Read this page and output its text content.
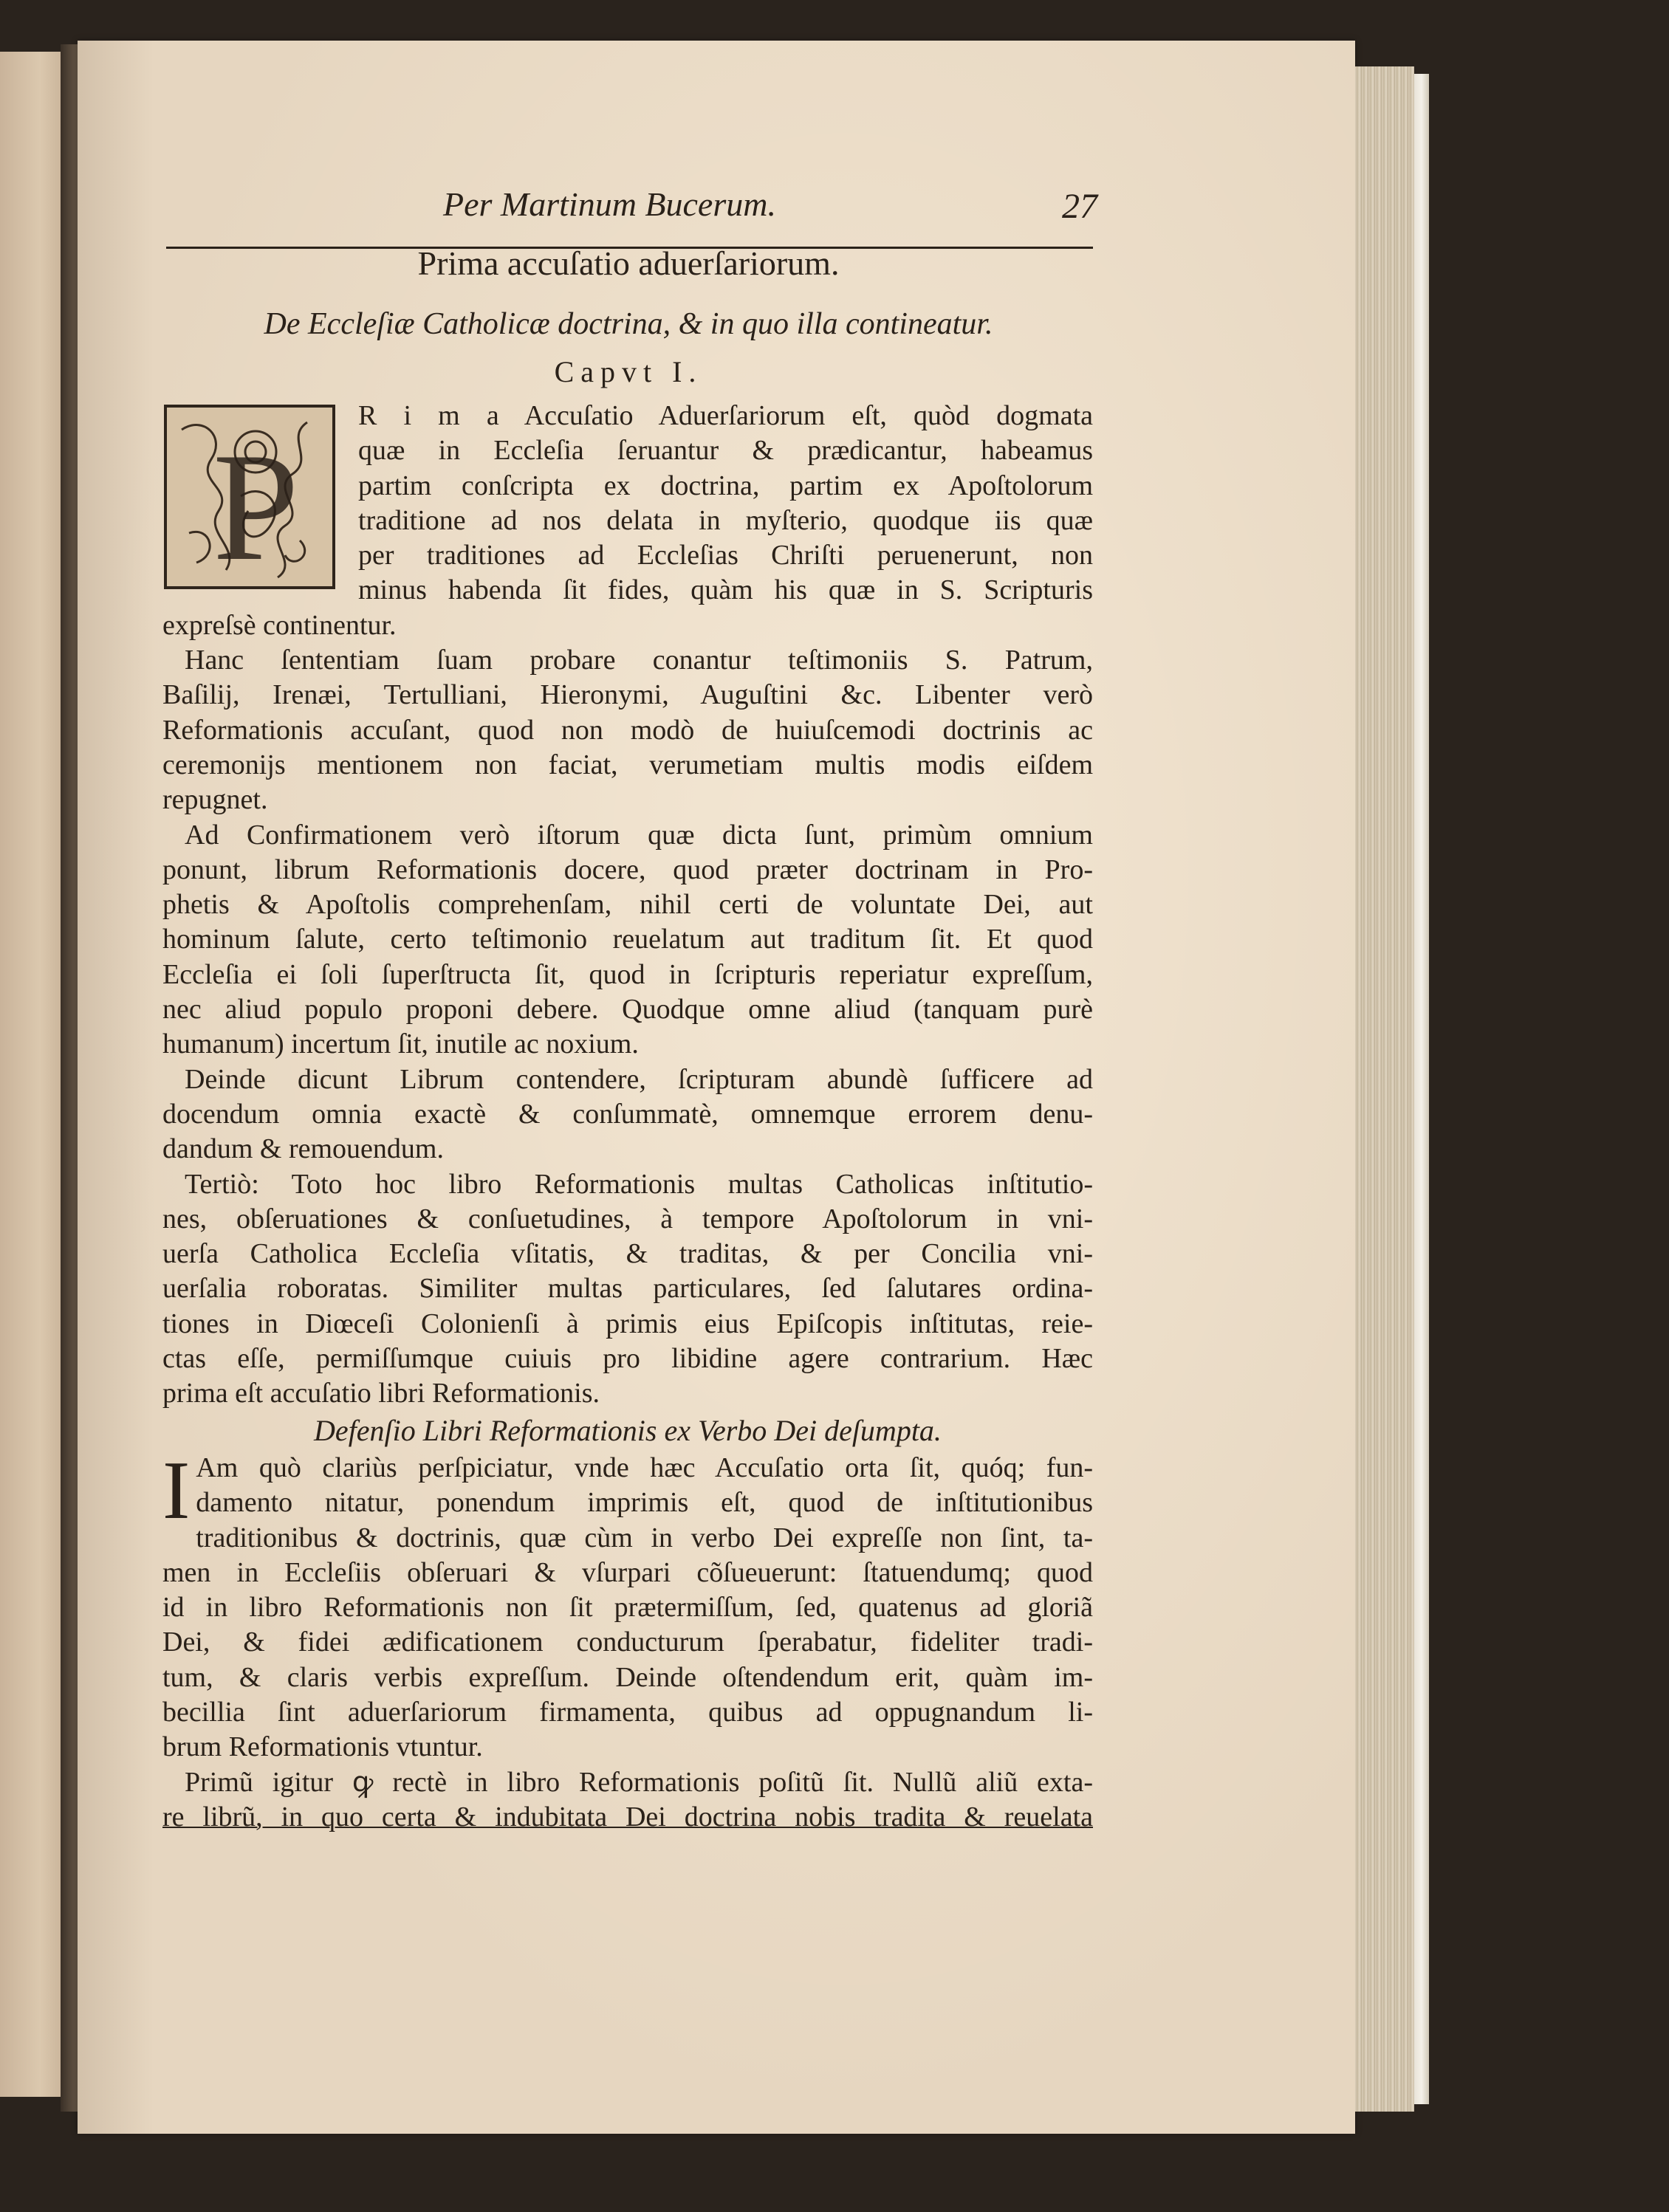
Per Martinum Bucerum.	27
Prima accuſatio aduerſariorum.
De Eccleſiæ Catholicæ doctrina, & in quo illa contineatur.
Capvt I.
P

R i m a Accuſatio Aduerſariorum eſt, quòd dogmata
quæ in Eccleſia ſeruantur & prædicantur, habeamus
partim conſcripta ex doctrina, partim ex Apoſtolorum
traditione ad nos delata in myſterio, quodque iis quæ
per traditiones ad Eccleſias Chriſti peruenerunt, non
minus habenda ſit fides, quàm his quæ in S. Scripturis
expreſsè continentur.

Hanc ſententiam ſuam probare conantur teſtimoniis S. Patrum,
Baſilij, Irenæi, Tertulliani, Hieronymi, Auguſtini &c. Libenter verò
Reformationis accuſant, quod non modò de huiuſcemodi doctrinis ac
ceremonijs mentionem non faciat, verumetiam multis modis eiſdem
repugnet.

Ad Confirmationem verò iſtorum quæ dicta ſunt, primùm omnium
ponunt, librum Reformationis docere, quod præter doctrinam in Pro-
phetis & Apoſtolis comprehenſam, nihil certi de voluntate Dei, aut
hominum ſalute, certo teſtimonio reuelatum aut traditum ſit. Et quod
Eccleſia ei ſoli ſuperſtructa ſit, quod in ſcripturis reperiatur expreſſum,
nec aliud populo proponi debere. Quodque omne aliud (tanquam purè
humanum) incertum ſit, inutile ac noxium.

Deinde dicunt Librum contendere, ſcripturam abundè ſufficere ad
docendum omnia exactè & conſummatè, omnemque errorem denu-
dandum & remouendum.

Tertiò: Toto hoc libro Reformationis multas Catholicas inſtitutio-
nes, obſeruationes & conſuetudines, à tempore Apoſtolorum in vni-
uerſa Catholica Eccleſia vſitatis, & traditas, & per Concilia vni-
uerſalia roboratas. Similiter multas particulares, ſed ſalutares ordina-
tiones in Diœceſi Colonienſi à primis eius Epiſcopis inſtitutas, reie-
ctas eſſe, permiſſumque cuiuis pro libidine agere contrarium. Hæc
prima eſt accuſatio libri Reformationis.

Defenſio Libri Reformationis ex Verbo Dei deſumpta.

I Am quò clariùs perſpiciatur, vnde hæc Accuſatio orta ſit, quóq; fun-
damento nitatur, ponendum imprimis eſt, quod de inſtitutionibus
traditionibus & doctrinis, quæ cùm in verbo Dei expreſſe non ſint, ta-
men in Eccleſiis obſeruari & vſurpari cõſueuerunt: ſtatuendumq; quod
id in libro Reformationis non ſit prætermiſſum, ſed, quatenus ad gloriã
Dei, & fidei ædificationem conducturum ſperabatur, fideliter tradi-
tum, & claris verbis expreſſum. Deinde oſtendendum erit, quàm im-
becillia ſint aduerſariorum firmamenta, quibus ad oppugnandum li-
brum Reformationis vtuntur.

Primũ igitur ꝙ rectè in libro Reformationis poſitũ ſit. Nullũ aliũ exta-
re librũ, in quo certa & indubitata Dei doctrina nobis tradita & reuelata
